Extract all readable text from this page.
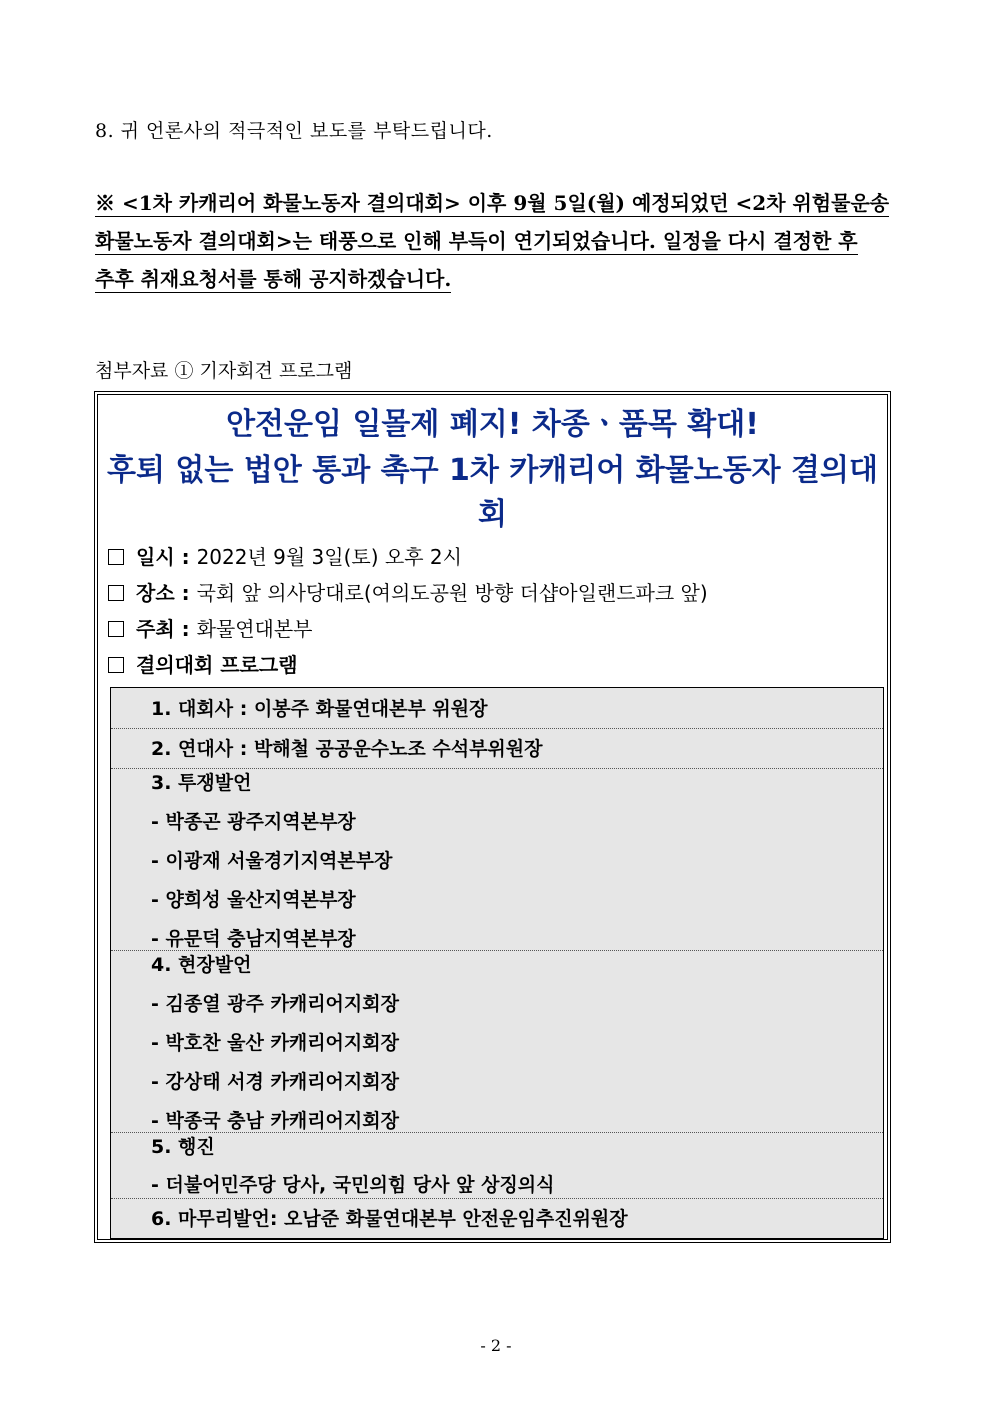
8. 귀 언론사의 적극적인 보도를 부탁드립니다.
※ <1차 카캐리어 화물노동자 결의대회> 이후 9월 5일(월) 예정되었던 <2차 위험물운송
화물노동자 결의대회>는 태풍으로 인해 부득이 연기되었습니다. 일정을 다시 결정한 후
추후 취재요청서를 통해 공지하겠습니다.
첨부자료 ① 기자회견 프로그램
안전운임 일몰제 폐지! 차종ㆍ품목 확대!
후퇴 없는 법안 통과 촉구 1차 카캐리어 화물노동자 결의대회
일시 : 2022년 9월 3일(토) 오후 2시
장소 : 국회 앞 의사당대로(여의도공원 방향 더샵아일랜드파크 앞)
주최 : 화물연대본부
결의대회 프로그램
1. 대회사 : 이봉주 화물연대본부 위원장
2. 연대사 : 박해철 공공운수노조 수석부위원장
3. 투쟁발언
- 박종곤 광주지역본부장
- 이광재 서울경기지역본부장
- 양희성 울산지역본부장
- 유문덕 충남지역본부장
4. 현장발언
- 김종열 광주 카캐리어지회장
- 박호찬 울산 카캐리어지회장
- 강상태 서경 카캐리어지회장
- 박종국 충남 카캐리어지회장
5. 행진
- 더불어민주당 당사, 국민의힘 당사 앞 상징의식
6. 마무리발언: 오남준 화물연대본부 안전운임추진위원장
- 2 -
